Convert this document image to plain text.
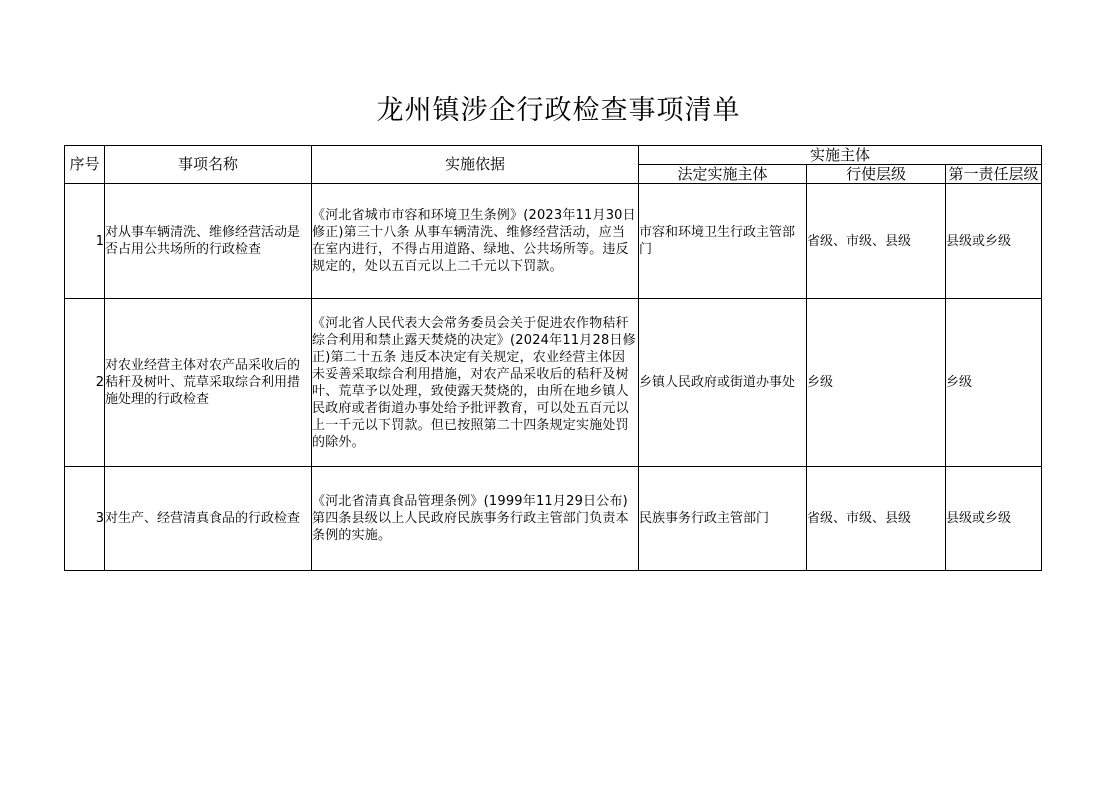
龙州镇涉企行政检查事项清单
序号	事项名称	实施依据	实施主体		
			法定实施主体	行使层级	第一责任层级
1	对从事车辆清洗、维修经营活动是否占用公共场所的行政检查	《河北省城市市容和环境卫生条例》(2023年11月30日修正)第三十八条 从事车辆清洗、维修经营活动，应当在室内进行，不得占用道路、绿地、公共场所等。违反规定的，处以五百元以上二千元以下罚款。	市容和环境卫生行政主管部门	省级、市级、县级	县级或乡级
2	对农业经营主体对农产品采收后的秸秆及树叶、荒草采取综合利用措施处理的行政检查	《河北省人民代表大会常务委员会关于促进农作物秸秆综合利用和禁止露天焚烧的决定》(2024年11月28日修正)第二十五条 违反本决定有关规定，农业经营主体因未妥善采取综合利用措施，对农产品采收后的秸秆及树叶、荒草予以处理，致使露天焚烧的，由所在地乡镇人民政府或者街道办事处给予批评教育，可以处五百元以上一千元以下罚款。但已按照第二十四条规定实施处罚的除外。	乡镇人民政府或街道办事处	乡级	乡级
3	对生产、经营清真食品的行政检查	《河北省清真食品管理条例》(1999年11月29日公布)第四条县级以上人民政府民族事务行政主管部门负责本条例的实施。	民族事务行政主管部门	省级、市级、县级	县级或乡级
